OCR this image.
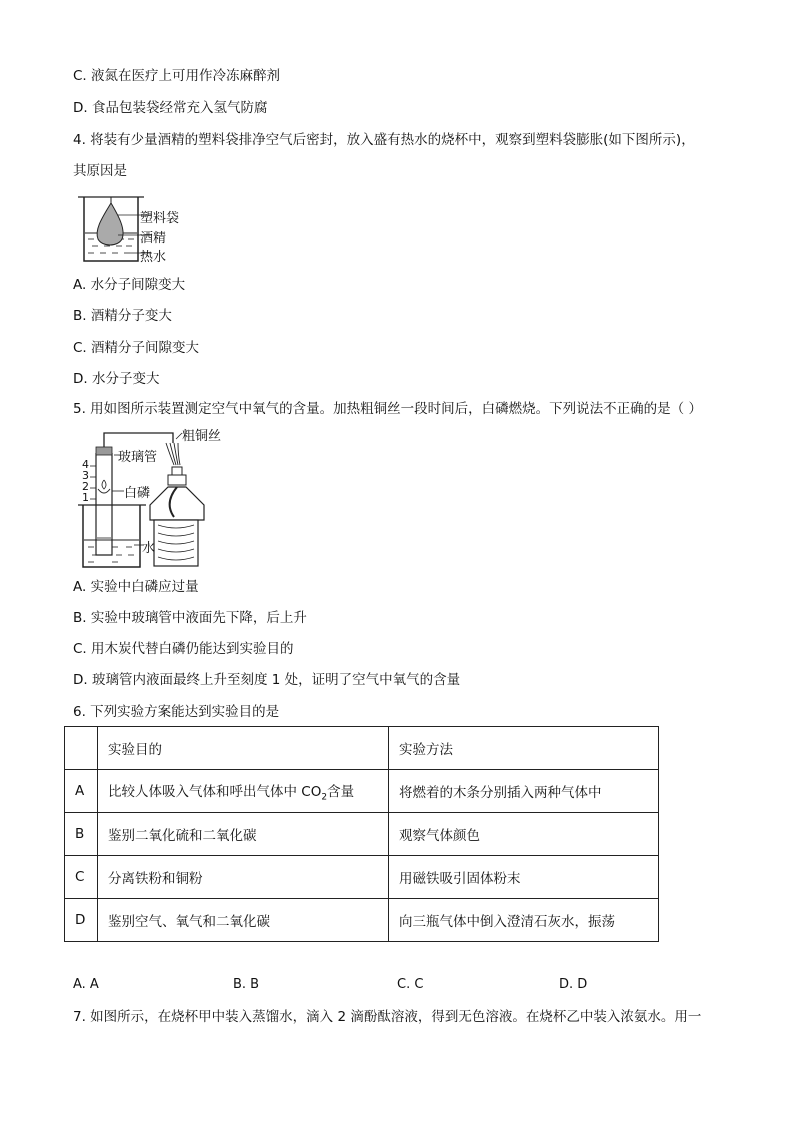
C. 液氮在医疗上可用作冷冻麻醉剂
D. 食品包装袋经常充入氢气防腐
4. 将装有少量酒精的塑料袋排净空气后密封，放入盛有热水的烧杯中，观察到塑料袋膨胀(如下图所示)，
其原因是
塑料袋
酒精
热水
A. 水分子间隙变大
B. 酒精分子变大
C. 酒精分子间隙变大
D. 水分子变大
5. 用如图所示装置测定空气中氧气的含量。加热粗铜丝一段时间后，白磷燃烧。下列说法不正确的是（ ）
粗铜丝
玻璃管
白磷
水
4
3
2
1
A. 实验中白磷应过量
B. 实验中玻璃管中液面先下降，后上升
C. 用木炭代替白磷仍能达到实验目的
D. 玻璃管内液面最终上升至刻度 1 处，证明了空气中氧气的含量
6. 下列实验方案能达到实验目的是
	实验目的	实验方法
A	比较人体吸入气体和呼出气体中 $CO_2$含量	将燃着的木条分别插入两种气体中
B	鉴别二氧化硫和二氧化碳	观察气体颜色
C	分离铁粉和铜粉	用磁铁吸引固体粉末
D	鉴别空气、氧气和二氧化碳	向三瓶气体中倒入澄清石灰水，振荡
A. A	B. B	C. C	D. D
7. 如图所示，在烧杯甲中装入蒸馏水，滴入 2 滴酚酞溶液，得到无色溶液。在烧杯乙中装入浓氨水。用一
